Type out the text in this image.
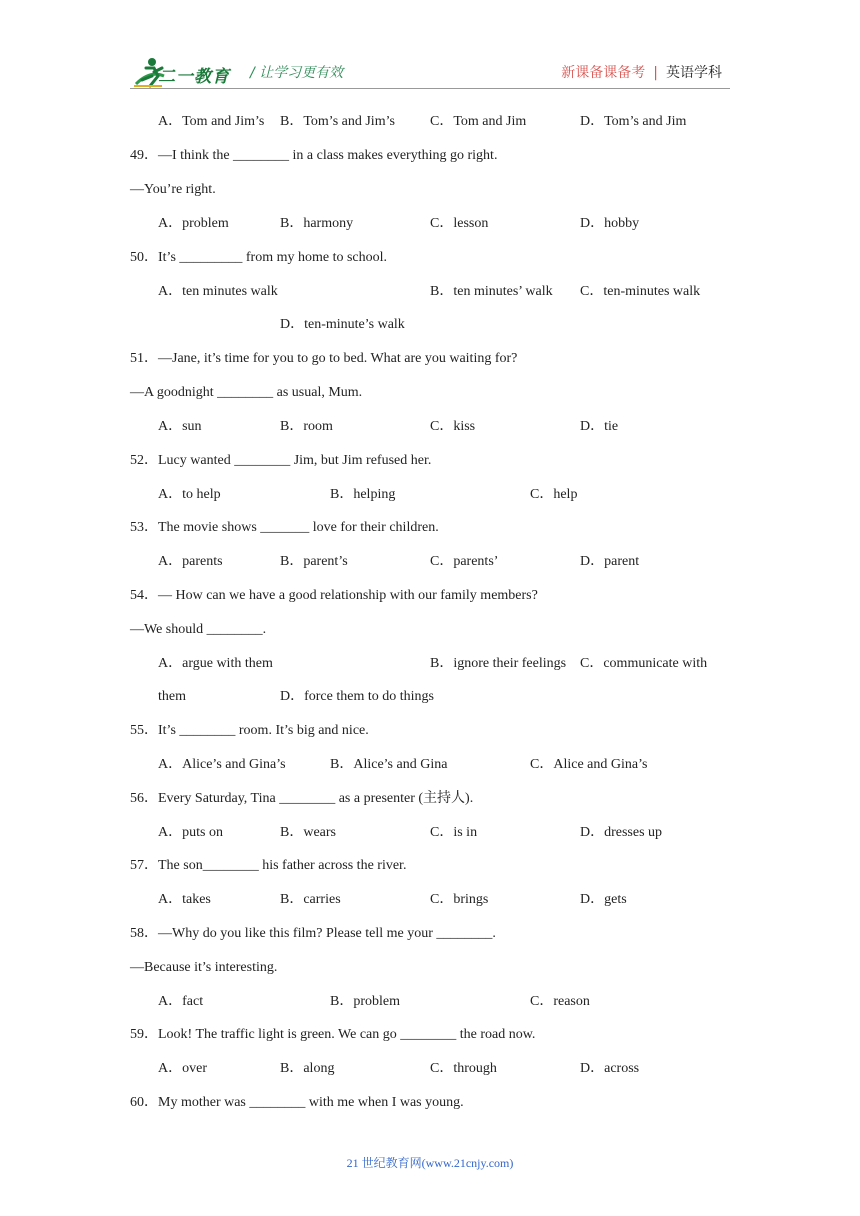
二一教育 / 让学习更有效	新课备课备考 | 英语学科
A．Tom and Jim’s B．Tom’s and Jim’s	C．Tom and Jim	D．Tom’s and Jim
49．—I think the ________ in a class makes everything go right.
—You’re right.
A．problem	B．harmony	C．lesson	D．hobby
50．It’s _________ from my home to school.
A．ten minutes walk	B．ten minutes’ walk C．ten-minutes walk
D．ten-minute’s walk
51．—Jane, it’s time for you to go to bed. What are you waiting for?
—A goodnight ________ as usual, Mum.
A．sun	B．room	C．kiss	D．tie
52．Lucy wanted ________ Jim, but Jim refused her.
A．to help	B．helping	C．help
53．The movie shows _______ love for their children.
A．parents	B．parent’s	C．parents’	D．parent
54．— How can we have a good relationship with our family members?
—We should ________.
A．argue with them	B．ignore their feelings C．communicate with
them	D．force them to do things
55．It’s ________ room. It’s big and nice.
A．Alice’s and Gina’s	B．Alice’s and Gina	C．Alice and Gina’s
56．Every Saturday, Tina ________ as a presenter (主持人).
A．puts on	B．wears	C．is in	D．dresses up
57．The son________ his father across the river.
A．takes	B．carries	C．brings	D．gets
58．—Why do you like this film? Please tell me your ________.
—Because it’s interesting.
A．fact	B．problem	C．reason
59．Look! The traffic light is green. We can go ________ the road now.
A．over	B．along	C．through	D．across
60．My mother was ________ with me when I was young.
21 世纪教育网(www.21cnjy.com)
